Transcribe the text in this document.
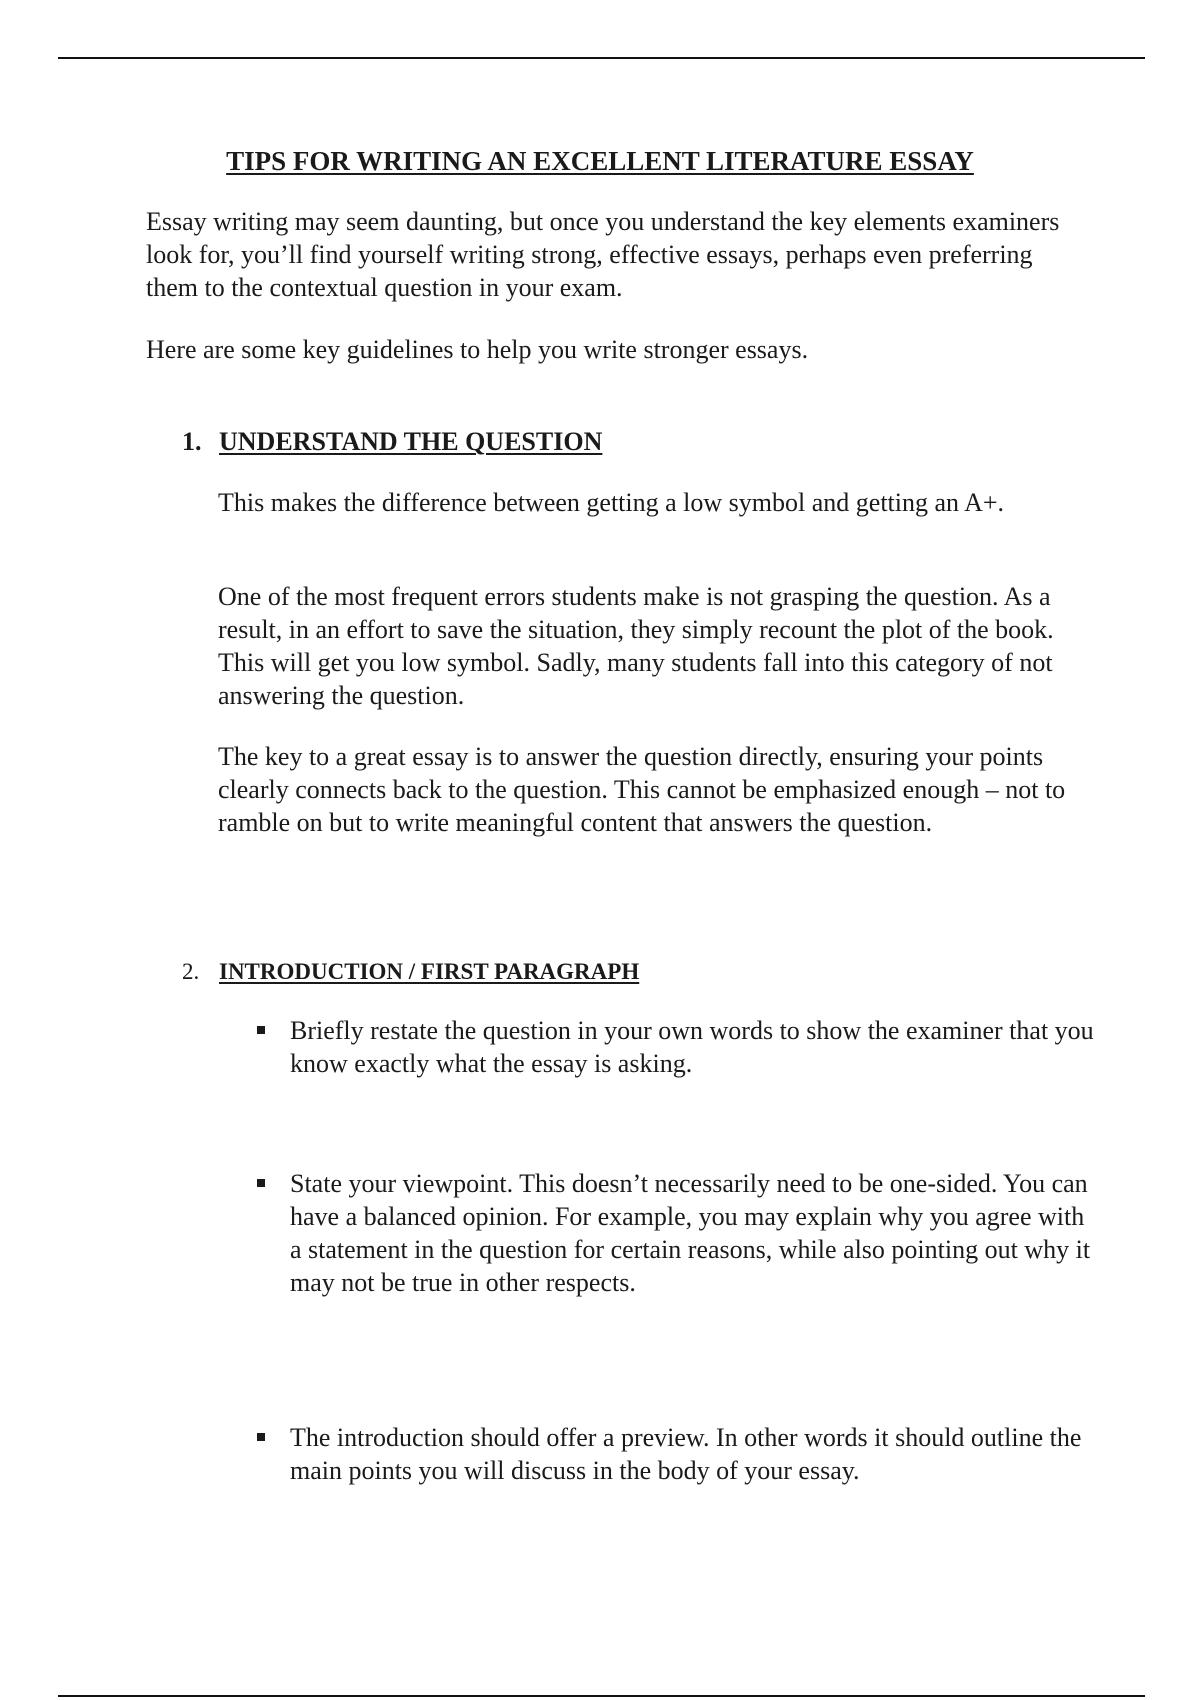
TIPS FOR WRITING AN EXCELLENT LITERATURE ESSAY

Essay writing may seem daunting, but once you understand the key elements examiners look for, you’ll find yourself writing strong, effective essays, perhaps even preferring them to the contextual question in your exam.

Here are some key guidelines to help you write stronger essays.

1. UNDERSTAND THE QUESTION

This makes the difference between getting a low symbol and getting an A+.

One of the most frequent errors students make is not grasping the question. As a result, in an effort to save the situation, they simply recount the plot of the book. This will get you low symbol. Sadly, many students fall into this category of not answering the question.

The key to a great essay is to answer the question directly, ensuring your points clearly connects back to the question. This cannot be emphasized enough – not to ramble on but to write meaningful content that answers the question.

2. INTRODUCTION / FIRST PARAGRAPH

Briefly restate the question in your own words to show the examiner that you know exactly what the essay is asking.

State your viewpoint. This doesn’t necessarily need to be one-sided. You can have a balanced opinion. For example, you may explain why you agree with a statement in the question for certain reasons, while also pointing out why it may not be true in other respects.

The introduction should offer a preview. In other words it should outline the main points you will discuss in the body of your essay.
